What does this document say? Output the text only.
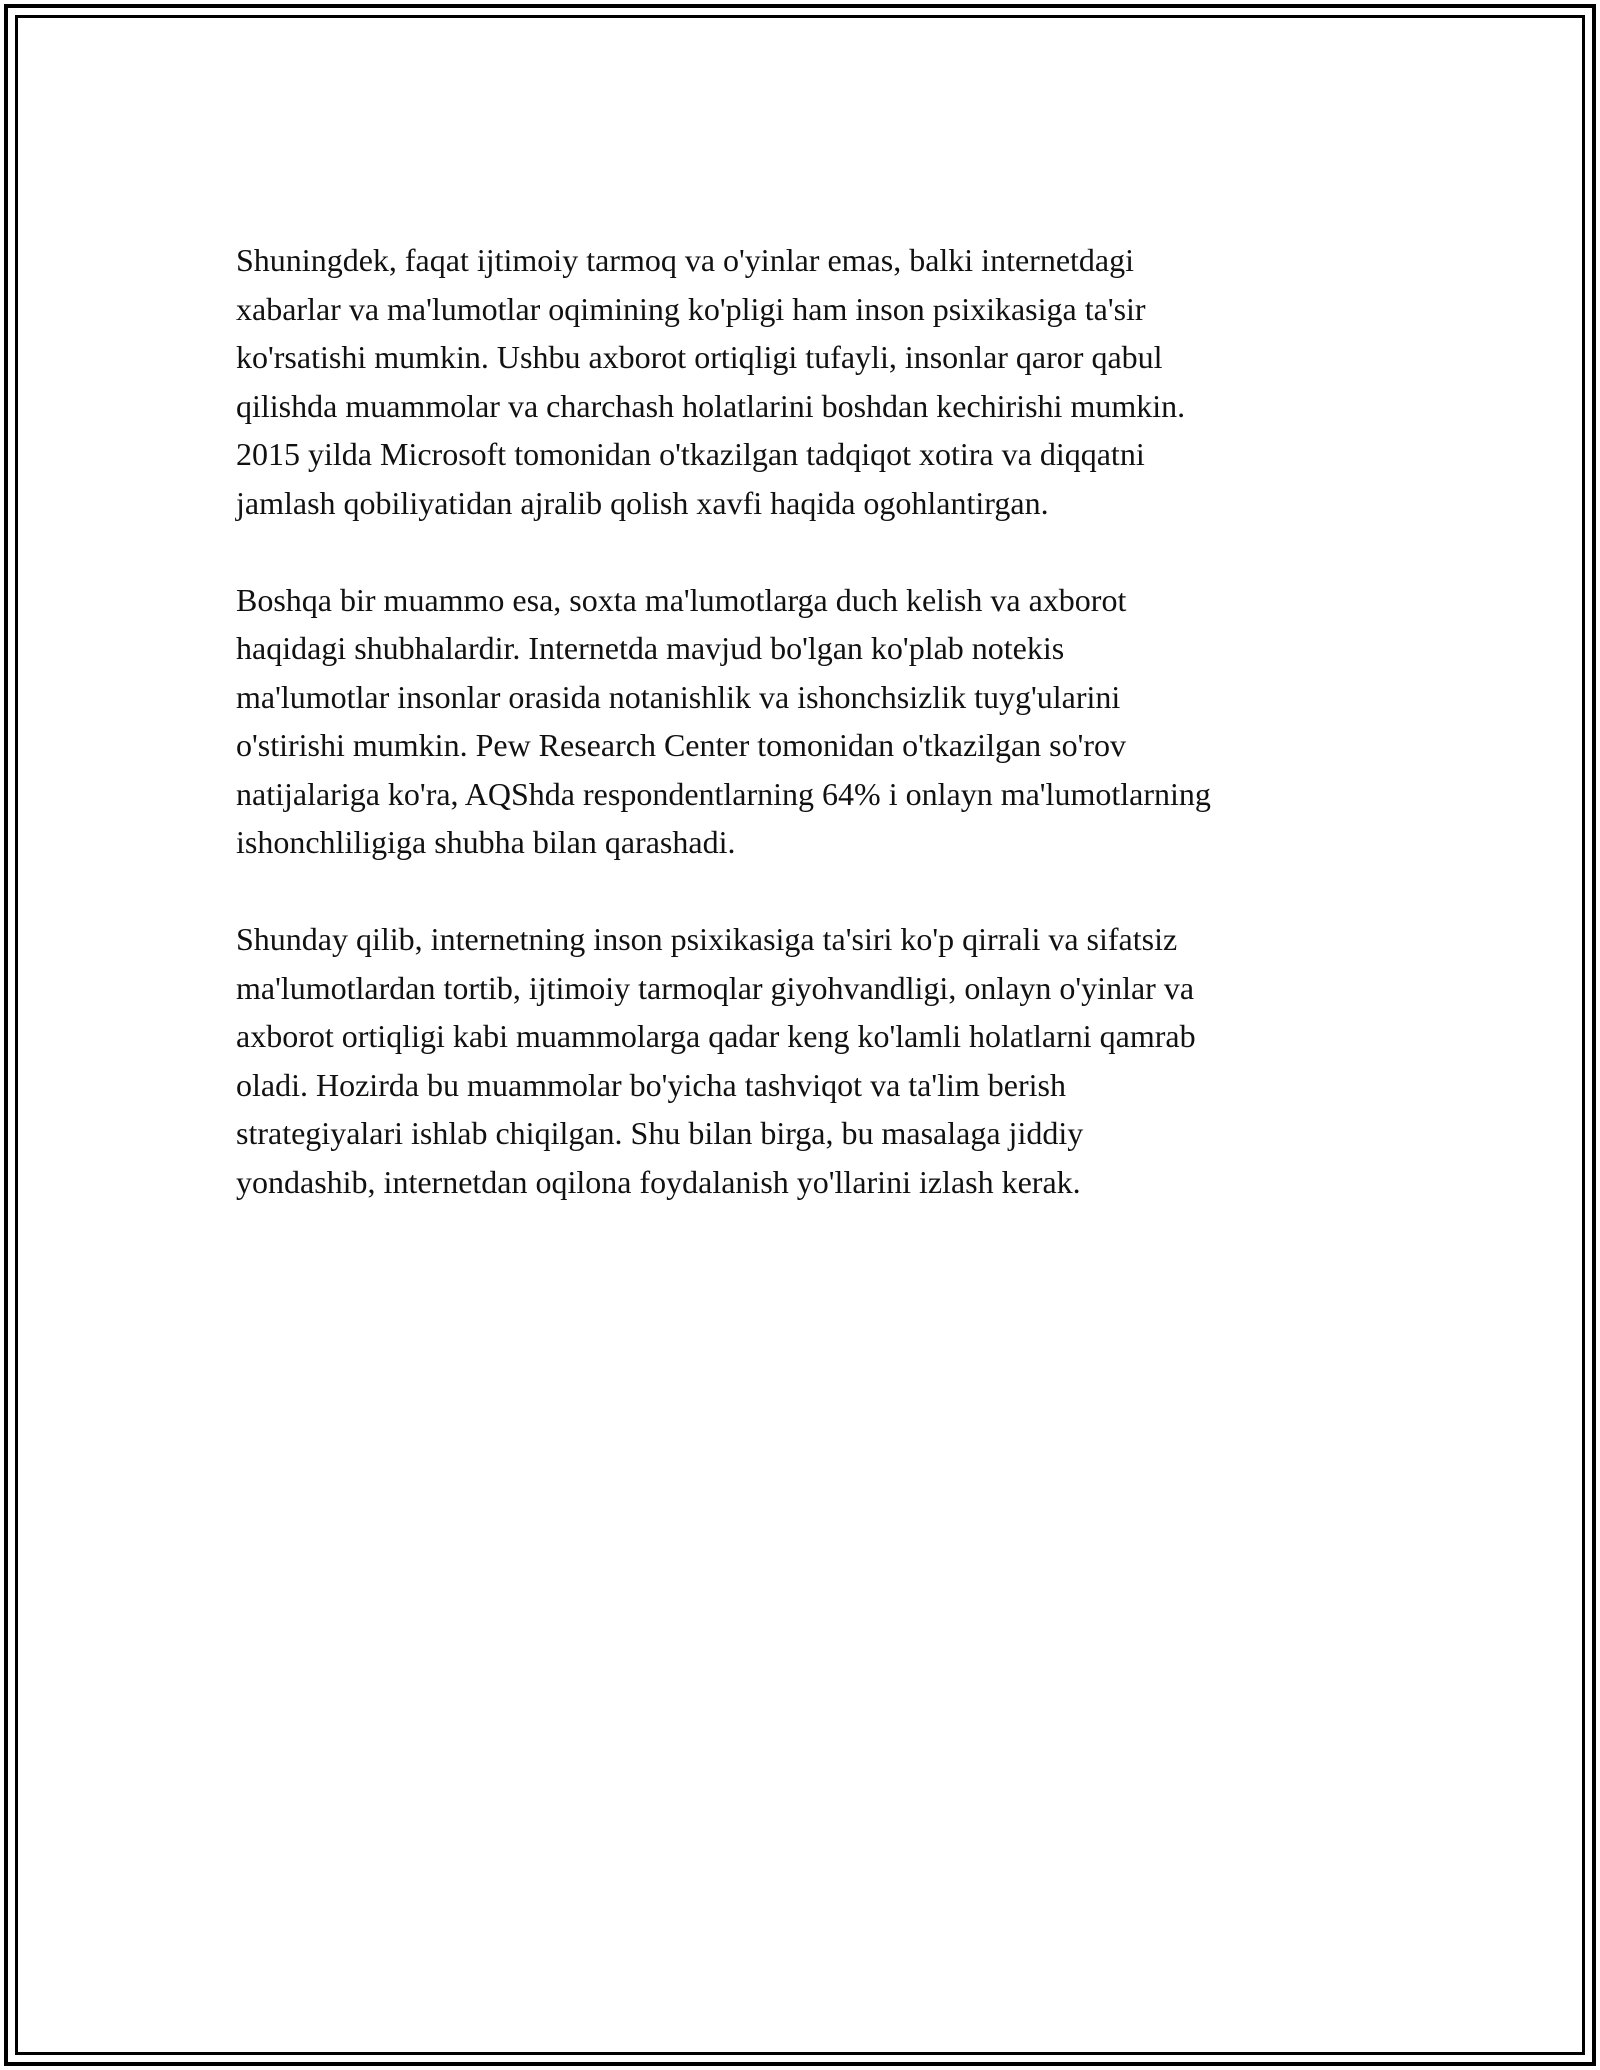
Shuningdek, faqat ijtimoiy tarmoq va o'yinlar emas, balki internetdagi
xabarlar va ma'lumotlar oqimining ko'pligi ham inson psixikasiga ta'sir
ko'rsatishi mumkin. Ushbu axborot ortiqligi tufayli, insonlar qaror qabul
qilishda muammolar va charchash holatlarini boshdan kechirishi mumkin.
2015 yilda Microsoft tomonidan o'tkazilgan tadqiqot xotira va diqqatni
jamlash qobiliyatidan ajralib qolish xavfi haqida ogohlantirgan.

Boshqa bir muammo esa, soxta ma'lumotlarga duch kelish va axborot
haqidagi shubhalardir. Internetda mavjud bo'lgan ko'plab notekis
ma'lumotlar insonlar orasida notanishlik va ishonchsizlik tuyg'ularini
o'stirishi mumkin. Pew Research Center tomonidan o'tkazilgan so'rov
natijalariga ko'ra, AQShda respondentlarning 64% i onlayn ma'lumotlarning
ishonchliligiga shubha bilan qarashadi.

Shunday qilib, internetning inson psixikasiga ta'siri ko'p qirrali va sifatsiz
ma'lumotlardan tortib, ijtimoiy tarmoqlar giyohvandligi, onlayn o'yinlar va
axborot ortiqligi kabi muammolarga qadar keng ko'lamli holatlarni qamrab
oladi. Hozirda bu muammolar bo'yicha tashviqot va ta'lim berish
strategiyalari ishlab chiqilgan. Shu bilan birga, bu masalaga jiddiy
yondashib, internetdan oqilona foydalanish yo'llarini izlash kerak.
